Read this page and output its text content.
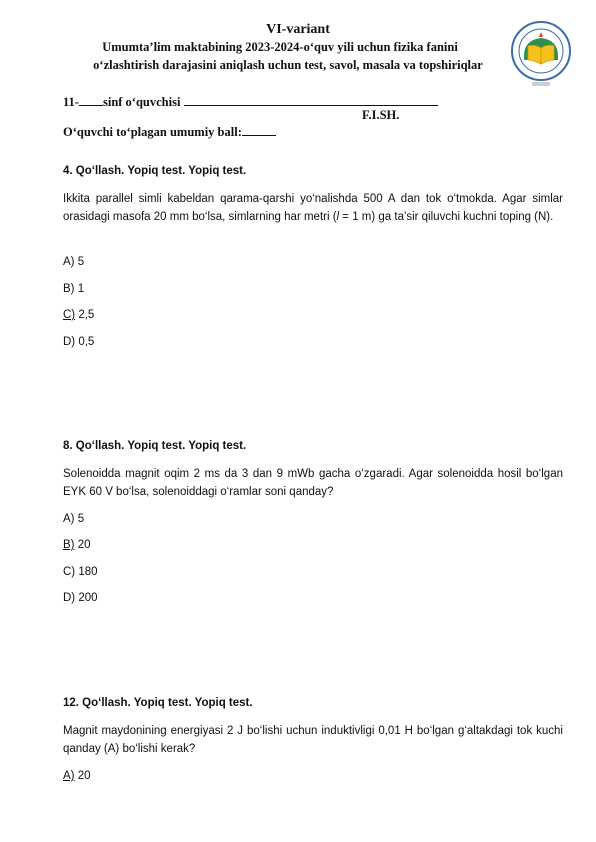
VI-variant
Umumta’lim maktabining 2023-2024-o‘quv yili uchun fizika fanini
o‘zlashtirish darajasini aniqlash uchun test, savol, masala va topshiriqlar
11- sinf o‘quvchisi
F.I.SH.
O‘quvchi to‘plagan umumiy ball:
4. Qo‘llash. Yopiq test. Yopiq test.
Ikkita parallel simli kabeldan qarama-qarshi yo‘nalishda 500 A dan tok o‘tmokda. Agar simlar orasidagi masofa 20 mm bo‘lsa, simlarning har metri (l = 1 m) ga ta’sir qiluvchi kuchni toping (N).
A) 5
B) 1
C) 2,5
D) 0,5
8. Qo‘llash. Yopiq test. Yopiq test.
Solenoidda magnit oqim 2 ms da 3 dan 9 mWb gacha o‘zgaradi. Agar solenoidda hosil bo‘lgan EYK 60 V bo‘lsa, solenoiddagi o‘ramlar soni qanday?
A) 5
B) 20
C) 180
D) 200
12. Qo‘llash. Yopiq test. Yopiq test.
Magnit maydonining energiyasi 2 J bo‘lishi uchun induktivligi 0,01 H bo‘lgan g‘altakdagi tok kuchi qanday (A) bo‘lishi kerak?
A) 20
